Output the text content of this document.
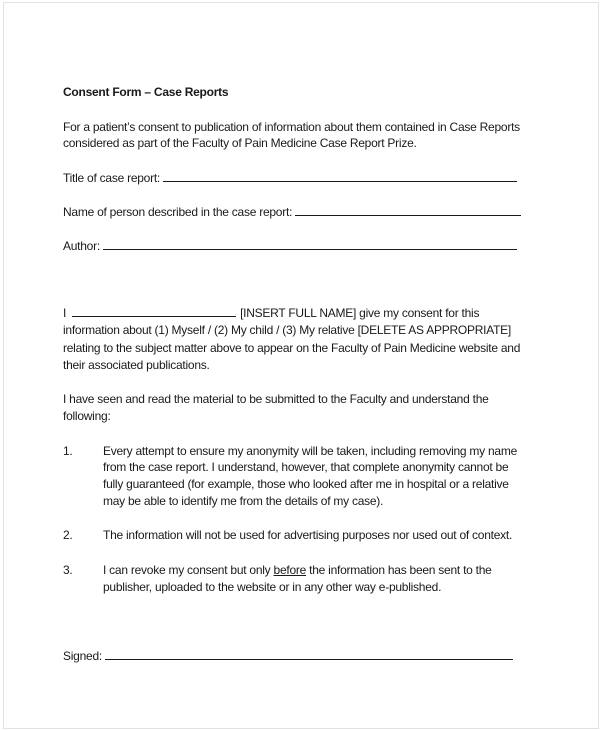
Consent Form – Case Reports
For a patient’s consent to publication of information about them contained in Case Reports
considered as part of the Faculty of Pain Medicine Case Report Prize.
Title of case report:
Name of person described in the case report:
Author:
I	[INSERT FULL NAME] give my consent for this
information about (1) Myself / (2) My child / (3) My relative [DELETE AS APPROPRIATE]
relating to the subject matter above to appear on the Faculty of Pain Medicine website and
their associated publications.
I have seen and read the material to be submitted to the Faculty and understand the
following:
1.	Every attempt to ensure my anonymity will be taken, including removing my name
from the case report. I understand, however, that complete anonymity cannot be
fully guaranteed (for example, those who looked after me in hospital or a relative
may be able to identify me from the details of my case).
2.	The information will not be used for advertising purposes nor used out of context.
3.	I can revoke my consent but only before the information has been sent to the
publisher, uploaded to the website or in any other way e-published.
Signed:
